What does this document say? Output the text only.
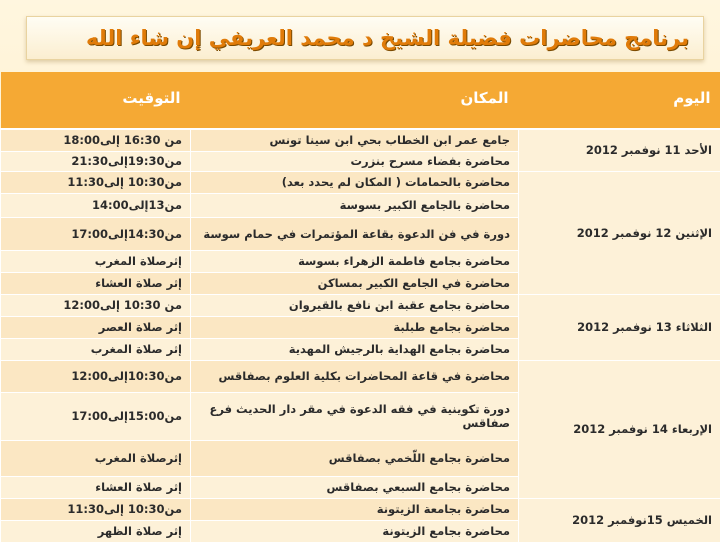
برنامج محاضرات فضيلة الشيخ د محمد العريفي إن شاء الله
اليوم	المكان	التوقيت
الأحد 11 نوفمبر 2012	جامع عمر ابن الخطاب بحي ابن سينا تونس	من 16:30 إلى18:00
	محاضرة بفضاء مسرح بنزرت	من19:30إلى21:30
الإثنين 12 نوفمبر 2012	محاضرة بالحمامات ( المكان لم يحدد بعد)	من10:30 إلى11:30
	محاضرة بالجامع الكبير بسوسة	من13إلى14:00
	دورة في فن الدعوة بقاعة المؤتمرات في حمام سوسة	من14:30إلى17:00
	محاضرة بجامع فاطمة الزهراء بسوسة	إثرصلاة المغرب
	محاضرة في الجامع الكبير بمساكن	إثر صلاة العشاء
الثلاثاء 13 نوفمبر 2012	محاضرة بجامع عقبة ابن نافع بالقيروان	من 10:30 إلى12:00
	محاضرة بجامع طبلبة	إثر صلاة العصر
	محاضرة بجامع الهداية بالرجيش المهدية	إثر صلاة المغرب
الإربعاء 14 نوفمبر 2012	محاضرة في قاعة المحاضرات بكلية العلوم بصفاقس	من10:30إلى12:00
	دورة تكوينية في فقه الدعوة في مقر دار الحديث فرع صفاقس	من15:00إلى17:00
	محاضرة بجامع اللّخمي بصفاقس	إثرصلاة المغرب
	محاضرة بجامع السبعي بصفاقس	إثر صلاة العشاء
الخميس 15نوفمبر 2012	محاضرة بجامعة الزيتونة	من10:30 إلى11:30
	محاضرة بجامع الزيتونة	إثر صلاة الظهر
